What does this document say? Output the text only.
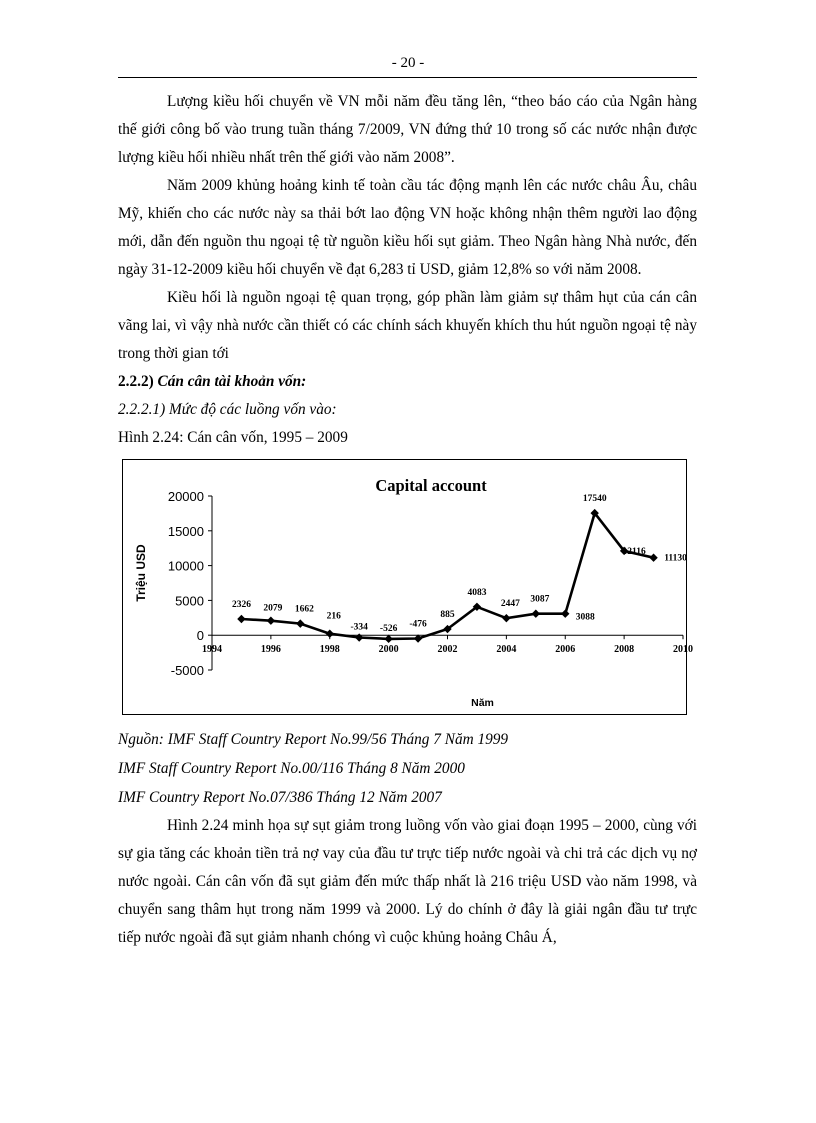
- 20 -

Lượng kiều hối chuyển về VN mỗi năm đều tăng lên, “theo báo cáo của Ngân hàng thế giới công bố vào trung tuần tháng 7/2009, VN đứng thứ 10 trong số các nước nhận được lượng kiều hối nhiều nhất trên thế giới vào năm 2008”.

Năm 2009 khủng hoảng kinh tế toàn cầu tác động mạnh lên các nước châu Âu, châu Mỹ, khiến cho các nước này sa thải bớt lao động VN hoặc không nhận thêm người lao động mới, dẫn đến nguồn thu ngoại tệ từ nguồn kiều hối sụt giảm. Theo Ngân hàng Nhà nước, đến ngày 31-12-2009 kiều hối chuyển về đạt 6,283 tỉ USD, giảm 12,8% so với năm 2008.

Kiều hối là nguồn ngoại tệ quan trọng, góp phần làm giảm sự thâm hụt của cán cân vãng lai, vì vậy nhà nước cần thiết có các chính sách khuyến khích thu hút nguồn ngoại tệ này trong thời gian tới

2.2.2) Cán cân tài khoản vốn:

2.2.2.1) Mức độ các luồng vốn vào:

Hình 2.24: Cán cân vốn, 1995 – 2009

Capital account
20000
15000
10000
5000
0
-5000
1994	1996	1998	2000	2002	2004	2006	2008	2010
Năm
Triệu USD
2326 2079 1662
216
-334 -526 -476
885
4083
2447 3087
3088
17540
12116
11130

Nguồn: IMF Staff Country Report No.99/56 Tháng 7 Năm 1999

IMF Staff Country Report No.00/116 Tháng 8 Năm 2000

IMF Country Report No.07/386 Tháng 12 Năm 2007

Hình 2.24 minh họa sự sụt giảm trong luồng vốn vào giai đoạn 1995 – 2000, cùng với sự gia tăng các khoản tiền trả nợ vay của đầu tư trực tiếp nước ngoài và chi trả các dịch vụ nợ nước ngoài. Cán cân vốn đã sụt giảm đến mức thấp nhất là 216 triệu USD vào năm 1998, và chuyển sang thâm hụt trong năm 1999 và 2000. Lý do chính ở đây là giải ngân đầu tư trực tiếp nước ngoài đã sụt giảm nhanh chóng vì cuộc khủng hoảng Châu Á,
